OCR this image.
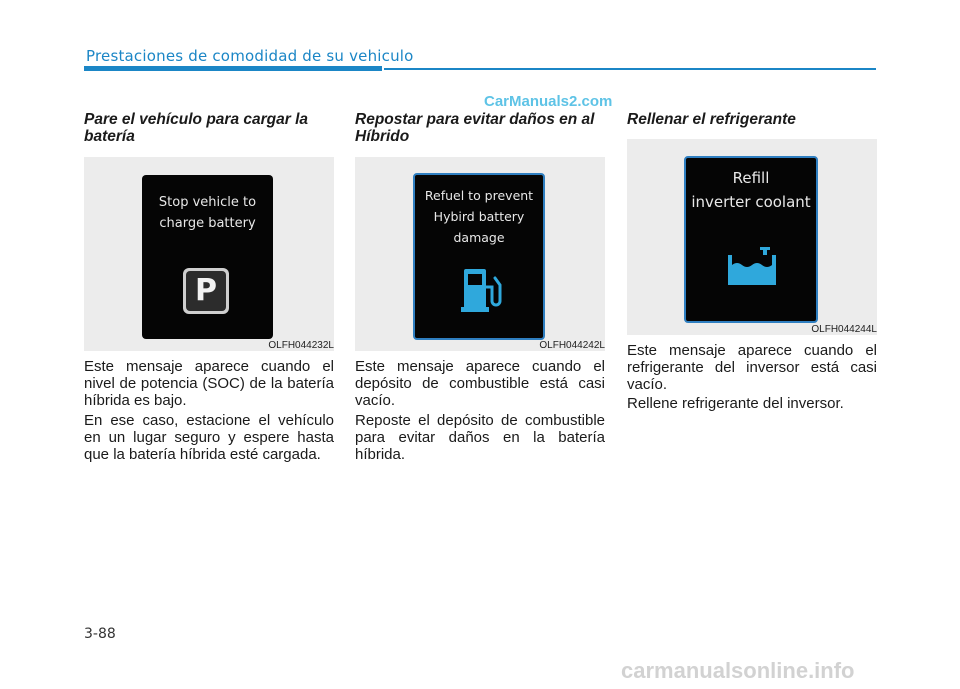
Prestaciones de comodidad de su vehiculo
CarManuals2.com
Pare el vehículo para cargar la batería
Stop vehicle to
charge battery
P
OLFH044232L

Este mensaje aparece cuando el nivel de potencia (SOC) de la batería híbrida es bajo.

En ese caso, estacione el vehículo en un lugar seguro y espere hasta que la batería híbrida esté cargada.

Repostar para evitar daños en al Híbrido
Refuel to prevent
Hybird battery
damage
OLFH044242L

Este mensaje aparece cuando el depósito de combustible está casi vacío.

Reposte el depósito de combustible para evitar daños en la batería híbrida.

Rellenar el refrigerante
Refill
inverter coolant
OLFH044244L

Este mensaje aparece cuando el refrigerante del inversor está casi vacío.

Rellene refrigerante del inversor.

3-88
carmanualsonline.info
